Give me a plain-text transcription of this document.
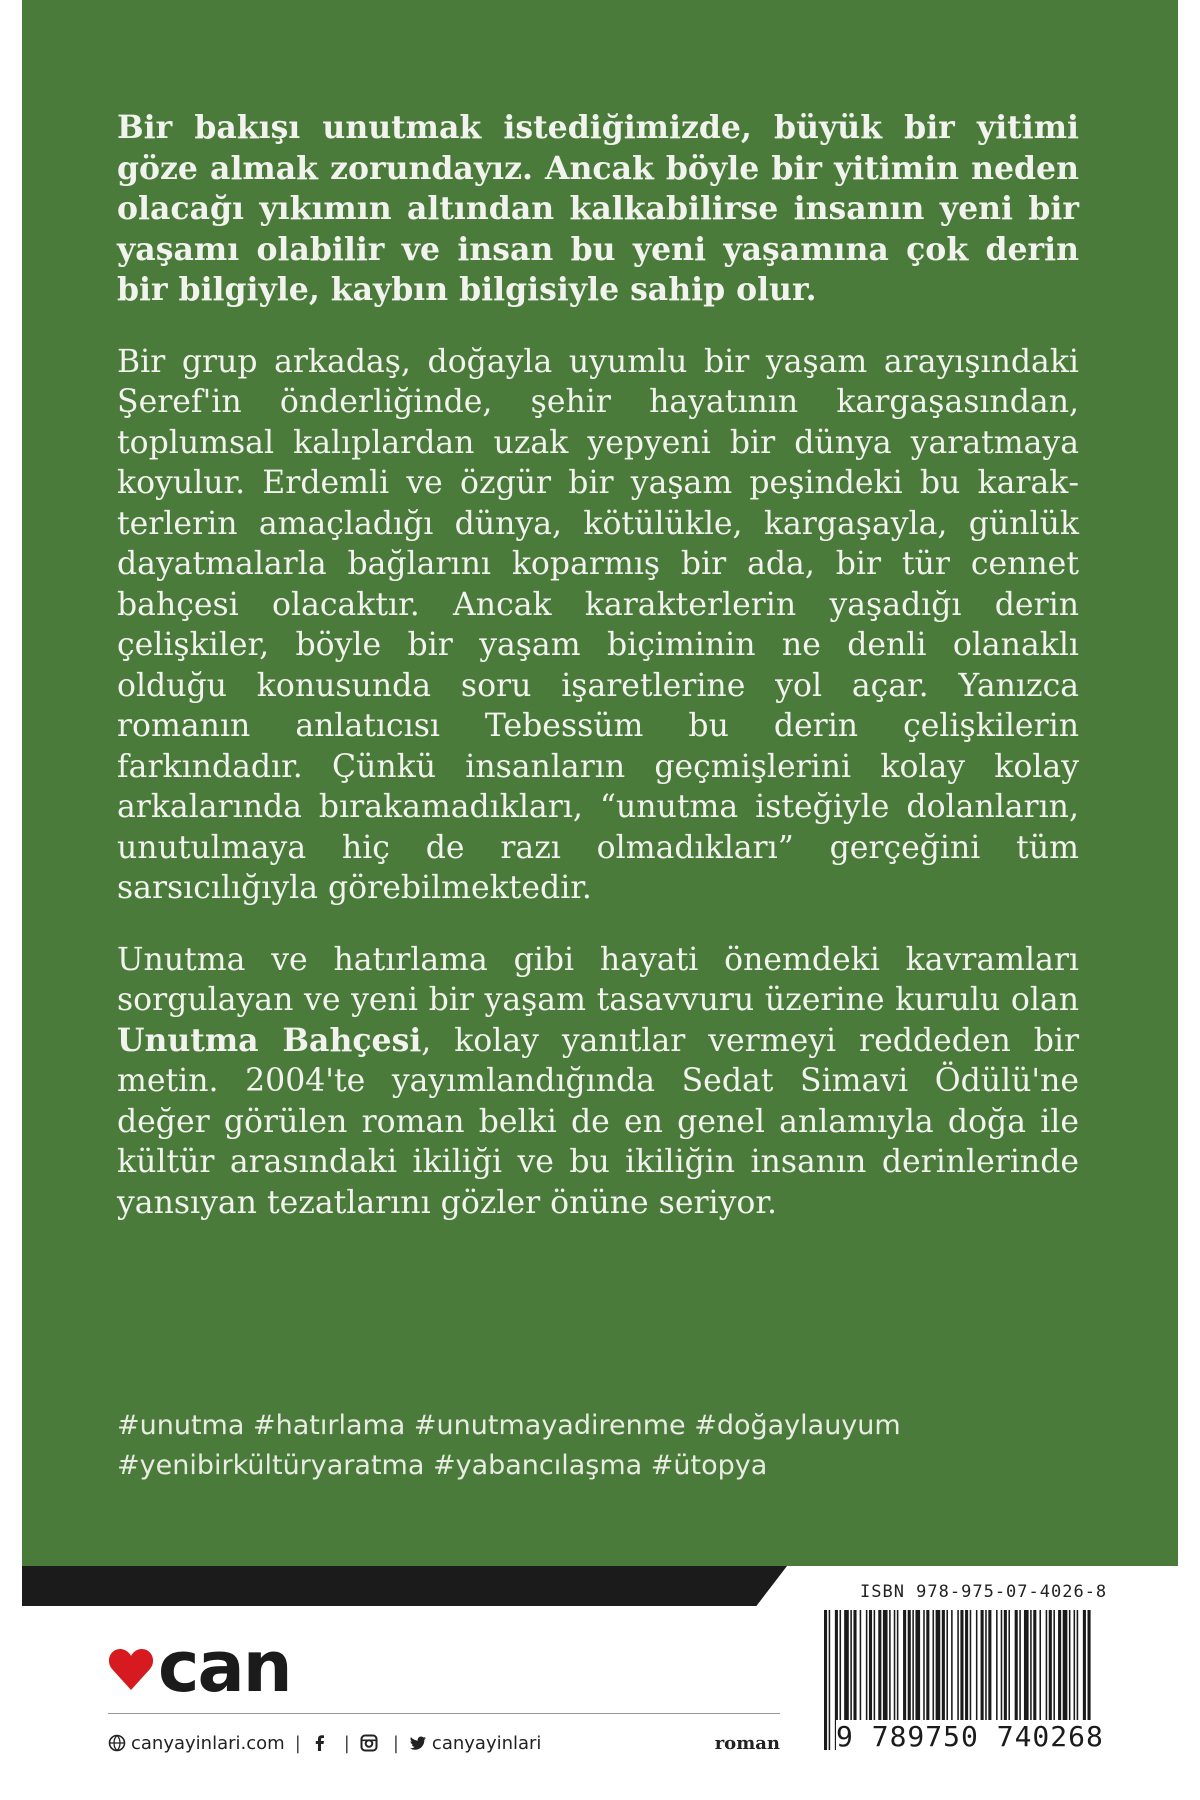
Bir bakışı unutmak istediğimizde, büyük bir yitimi göze almak zorundayız. Ancak böyle bir yitimin neden olacağı yıkımın altından kalkabilirse insanın yeni bir yaşamı olabilir ve insan bu yeni yaşamına çok derin bir bilgiyle, kaybın bilgisiyle sahip olur.

Bir grup arkadaş, doğayla uyumlu bir yaşam arayışındaki Şeref'in önderliğinde, şehir hayatının kargaşasından, toplumsal kalıplardan uzak yepyeni bir dünya yaratmaya koyulur. Erdemli ve özgür bir yaşam peşindeki bu karakterlerin amaçladığı dünya, kötülükle, kargaşayla, günlük dayatmalarla bağlarını koparmış bir ada, bir tür cennet bahçesi olacaktır. Ancak karakterlerin yaşadığı derin çelişkiler, böyle bir yaşam biçiminin ne denli olanaklı olduğu konusunda soru işaretlerine yol açar. Yanızca romanın anlatıcısı Tebessüm bu derin çelişkilerin farkındadır. Çünkü insanların geçmişlerini kolay kolay arkalarında bırakamadıkları, “unutma isteğiyle dolanların, unutulmaya hiç de razı olmadıkları” gerçeğini tüm sarsıcılığıyla görebilmektedir.

Unutma ve hatırlama gibi hayati önemdeki kavramları sorgulayan ve yeni bir yaşam tasavvuru üzerine kurulu olan Unutma Bahçesi, kolay yanıtlar vermeyi reddeden bir metin. 2004'te yayımlandığında Sedat Simavi Ödülü'ne değer görülen roman belki de en genel anlamıyla doğa ile kültür arasındaki ikiliği ve bu ikiliğin insanın derinlerinde yansıyan tezatlarını gözler önüne seriyor.

#unutma #hatırlama #unutmayadirenme #doğaylauyum
#yenibirkültüryaratma #yabancılaşma #ütopya
can
canyayinlari.com | | | canyayinlari	roman
ISBN 978-975-07-4026-8
9 789750 740268
